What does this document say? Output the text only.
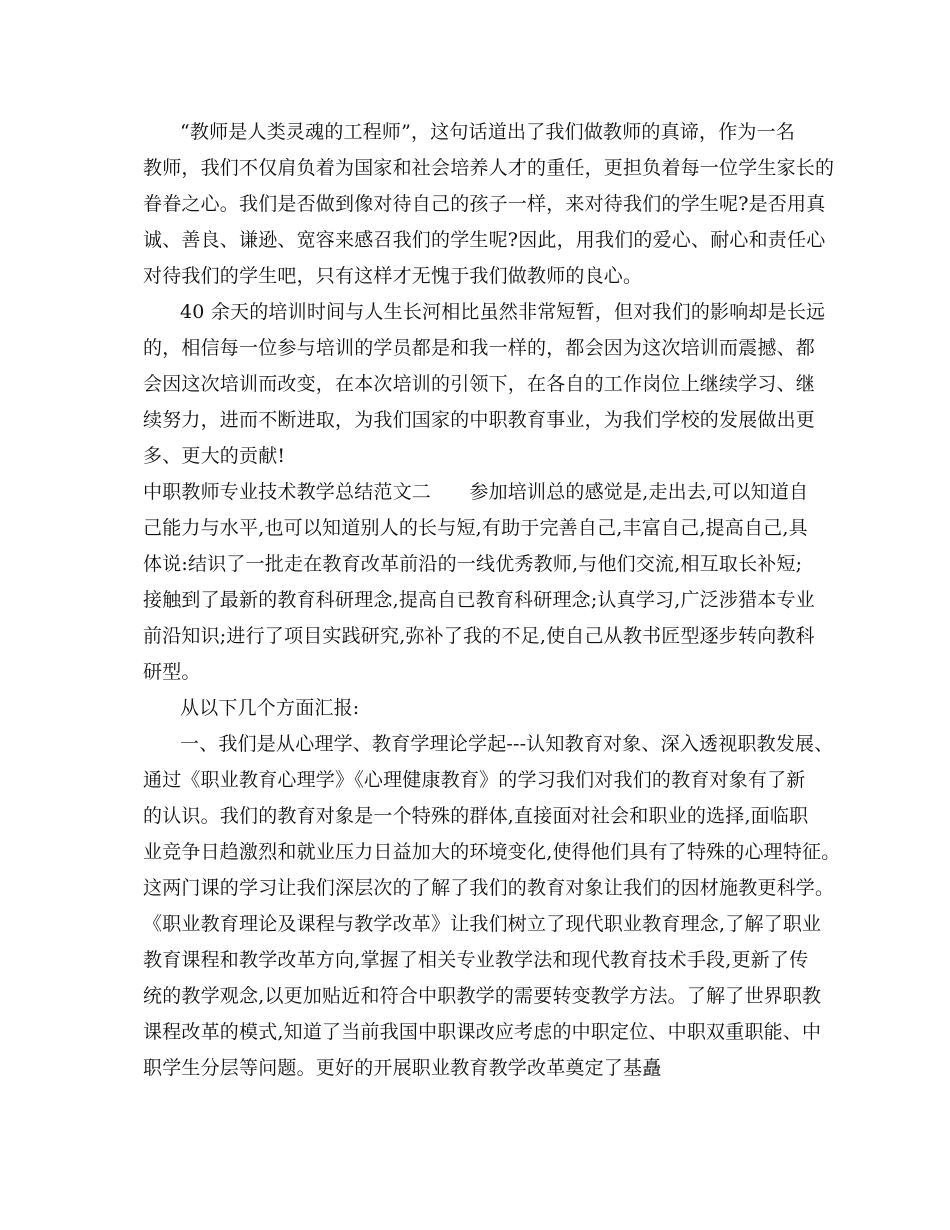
“教师是人类灵魂的工程师”，这句话道出了我们做教师的真谛，作为一名
教师，我们不仅肩负着为国家和社会培养人才的重任，更担负着每一位学生家长的
眷眷之心。我们是否做到像对待自己的孩子一样，来对待我们的学生呢?是否用真
诚、善良、谦逊、宽容来感召我们的学生呢?因此，用我们的爱心、耐心和责任心
对待我们的学生吧，只有这样才无愧于我们做教师的良心。
40 余天的培训时间与人生长河相比虽然非常短暂，但对我们的影响却是长远
的，相信每一位参与培训的学员都是和我一样的，都会因为这次培训而震撼、都
会因这次培训而改变，在本次培训的引领下，在各自的工作岗位上继续学习、继
续努力，进而不断进取，为我们国家的中职教育事业，为我们学校的发展做出更
多、更大的贡献!
中职教师专业技术教学总结范文二　　参加培训总的感觉是,走出去,可以知道自
己能力与水平,也可以知道别人的长与短,有助于完善自己,丰富自己,提高自己,具
体说:结识了一批走在教育改革前沿的一线优秀教师,与他们交流,相互取长补短;
接触到了最新的教育科研理念,提高自已教育科研理念;认真学习,广泛涉猎本专业
前沿知识;进行了项目实践研究,弥补了我的不足,使自己从教书匠型逐步转向教科
研型。
从以下几个方面汇报:
一、我们是从心理学、教育学理论学起---认知教育对象、深入透视职教发展、
通过《职业教育心理学》《心理健康教育》的学习我们对我们的教育对象有了新
的认识。我们的教育对象是一个特殊的群体,直接面对社会和职业的选择,面临职
业竞争日趋激烈和就业压力日益加大的环境变化,使得他们具有了特殊的心理特征。
这两门课的学习让我们深层次的了解了我们的教育对象让我们的因材施教更科学。
《职业教育理论及课程与教学改革》让我们树立了现代职业教育理念,了解了职业
教育课程和教学改革方向,掌握了相关专业教学法和现代教育技术手段,更新了传
统的教学观念,以更加贴近和符合中职教学的需要转变教学方法。了解了世界职教
课程改革的模式,知道了当前我国中职课改应考虑的中职定位、中职双重职能、中
职学生分层等问题。更好的开展职业教育教学改革奠定了基矗
